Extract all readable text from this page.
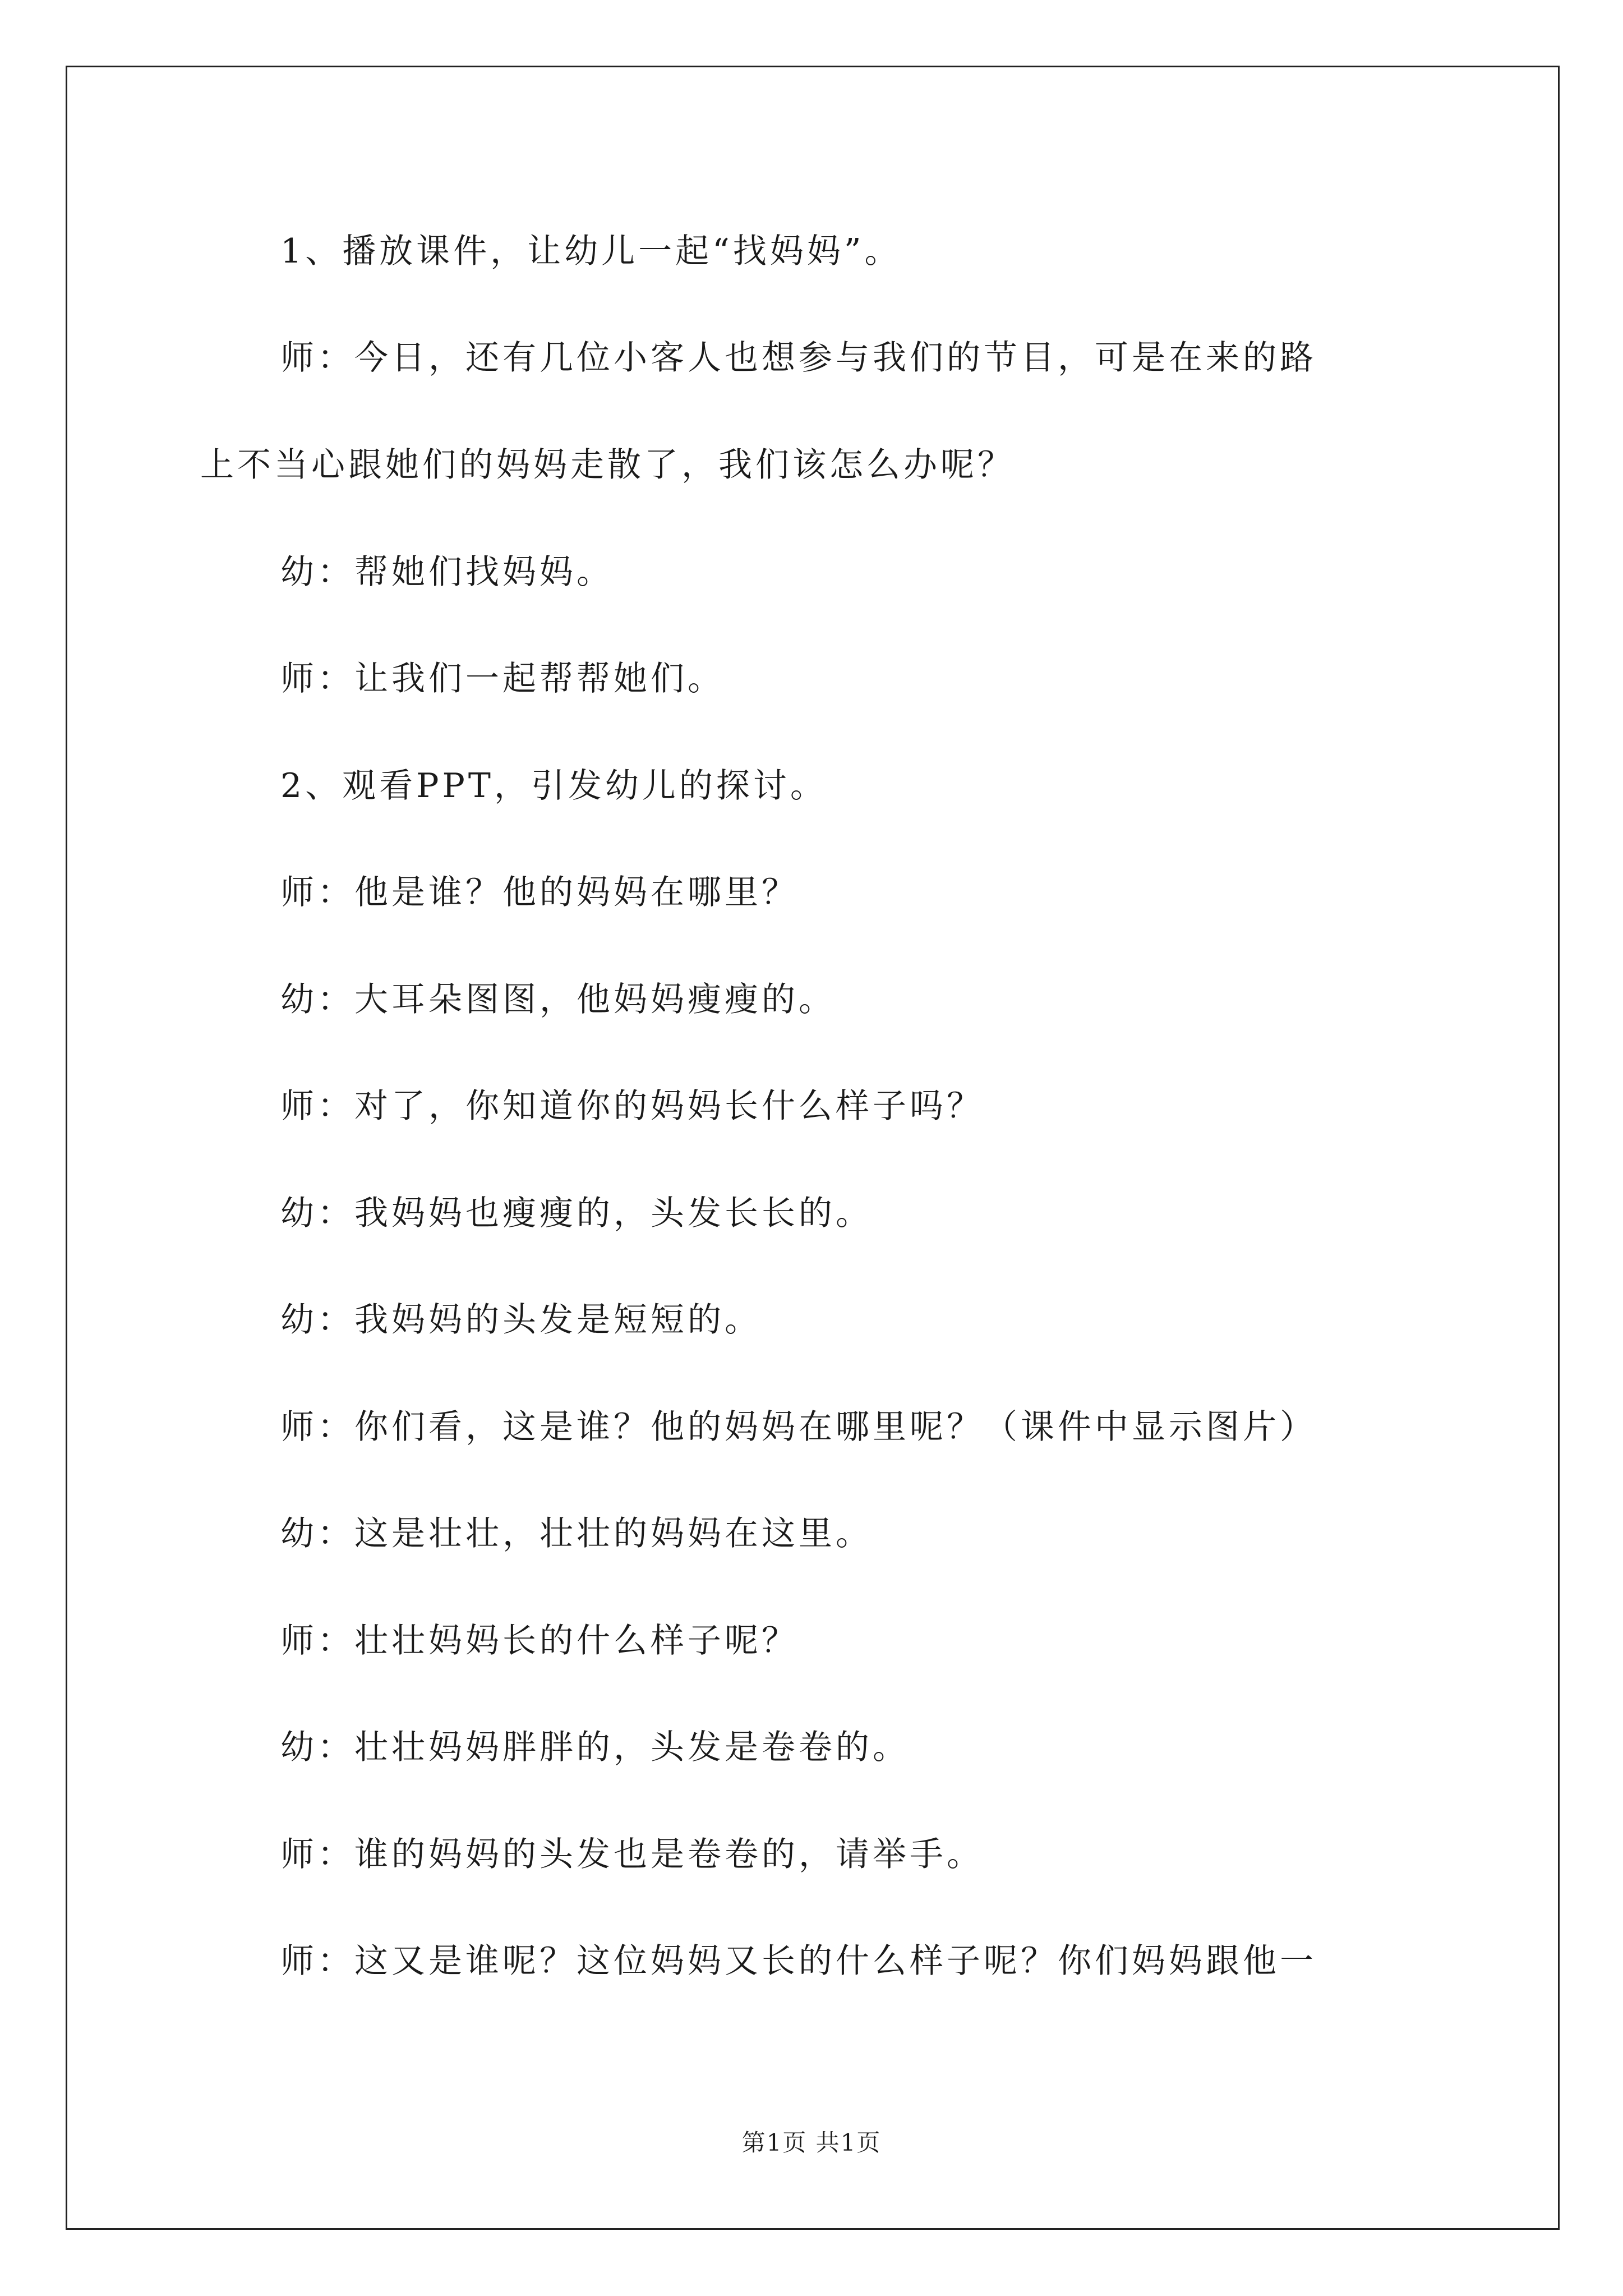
1、播放课件，让幼儿一起“找妈妈”。
师：今日，还有几位小客人也想参与我们的节目，可是在来的路
上不当心跟她们的妈妈走散了，我们该怎么办呢？
幼：帮她们找妈妈。
师：让我们一起帮帮她们。
2、观看PPT，引发幼儿的探讨。
师：他是谁？他的妈妈在哪里？
幼：大耳朵图图，他妈妈瘦瘦的。
师：对了，你知道你的妈妈长什么样子吗？
幼：我妈妈也瘦瘦的，头发长长的。
幼：我妈妈的头发是短短的。
师：你们看，这是谁？他的妈妈在哪里呢？（课件中显示图片）
幼：这是壮壮，壮壮的妈妈在这里。
师：壮壮妈妈长的什么样子呢？
幼：壮壮妈妈胖胖的，头发是卷卷的。
师：谁的妈妈的头发也是卷卷的，请举手。
师：这又是谁呢？这位妈妈又长的什么样子呢？你们妈妈跟他一
第1页 共1页
